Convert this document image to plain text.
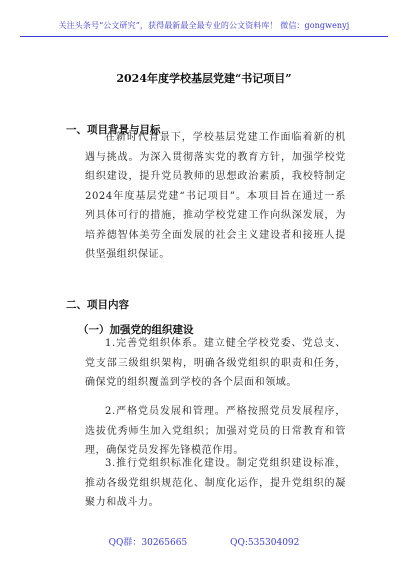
关注头条号“公文研究”，获得最新最全最专业的公文资料库！ 微信：gongwenyj
2024年度学校基层党建“书记项目”
一、项目背景与目标

在新时代背景下，学校基层党建工作面临着新的机遇与挑战。为深入贯彻落实党的教育方针，加强学校党组织建设，提升党员教师的思想政治素质，我校特制定2024年度基层党建“书记项目”。本项目旨在通过一系列具体可行的措施，推动学校党建工作向纵深发展，为培养德智体美劳全面发展的社会主义建设者和接班人提供坚强组织保证。

二、项目内容
（一）加强党的组织建设

1.完善党组织体系。建立健全学校党委、党总支、党支部三级组织架构，明确各级党组织的职责和任务，确保党的组织覆盖到学校的各个层面和领域。

2.严格党员发展和管理。严格按照党员发展程序，选拔优秀师生加入党组织；加强对党员的日常教育和管理，确保党员发挥先锋模范作用。

3.推行党组织标准化建设。制定党组织建设标准，推动各级党组织规范化、制度化运作，提升党组织的凝聚力和战斗力。

QQ群：30265665	QQ:535304092
